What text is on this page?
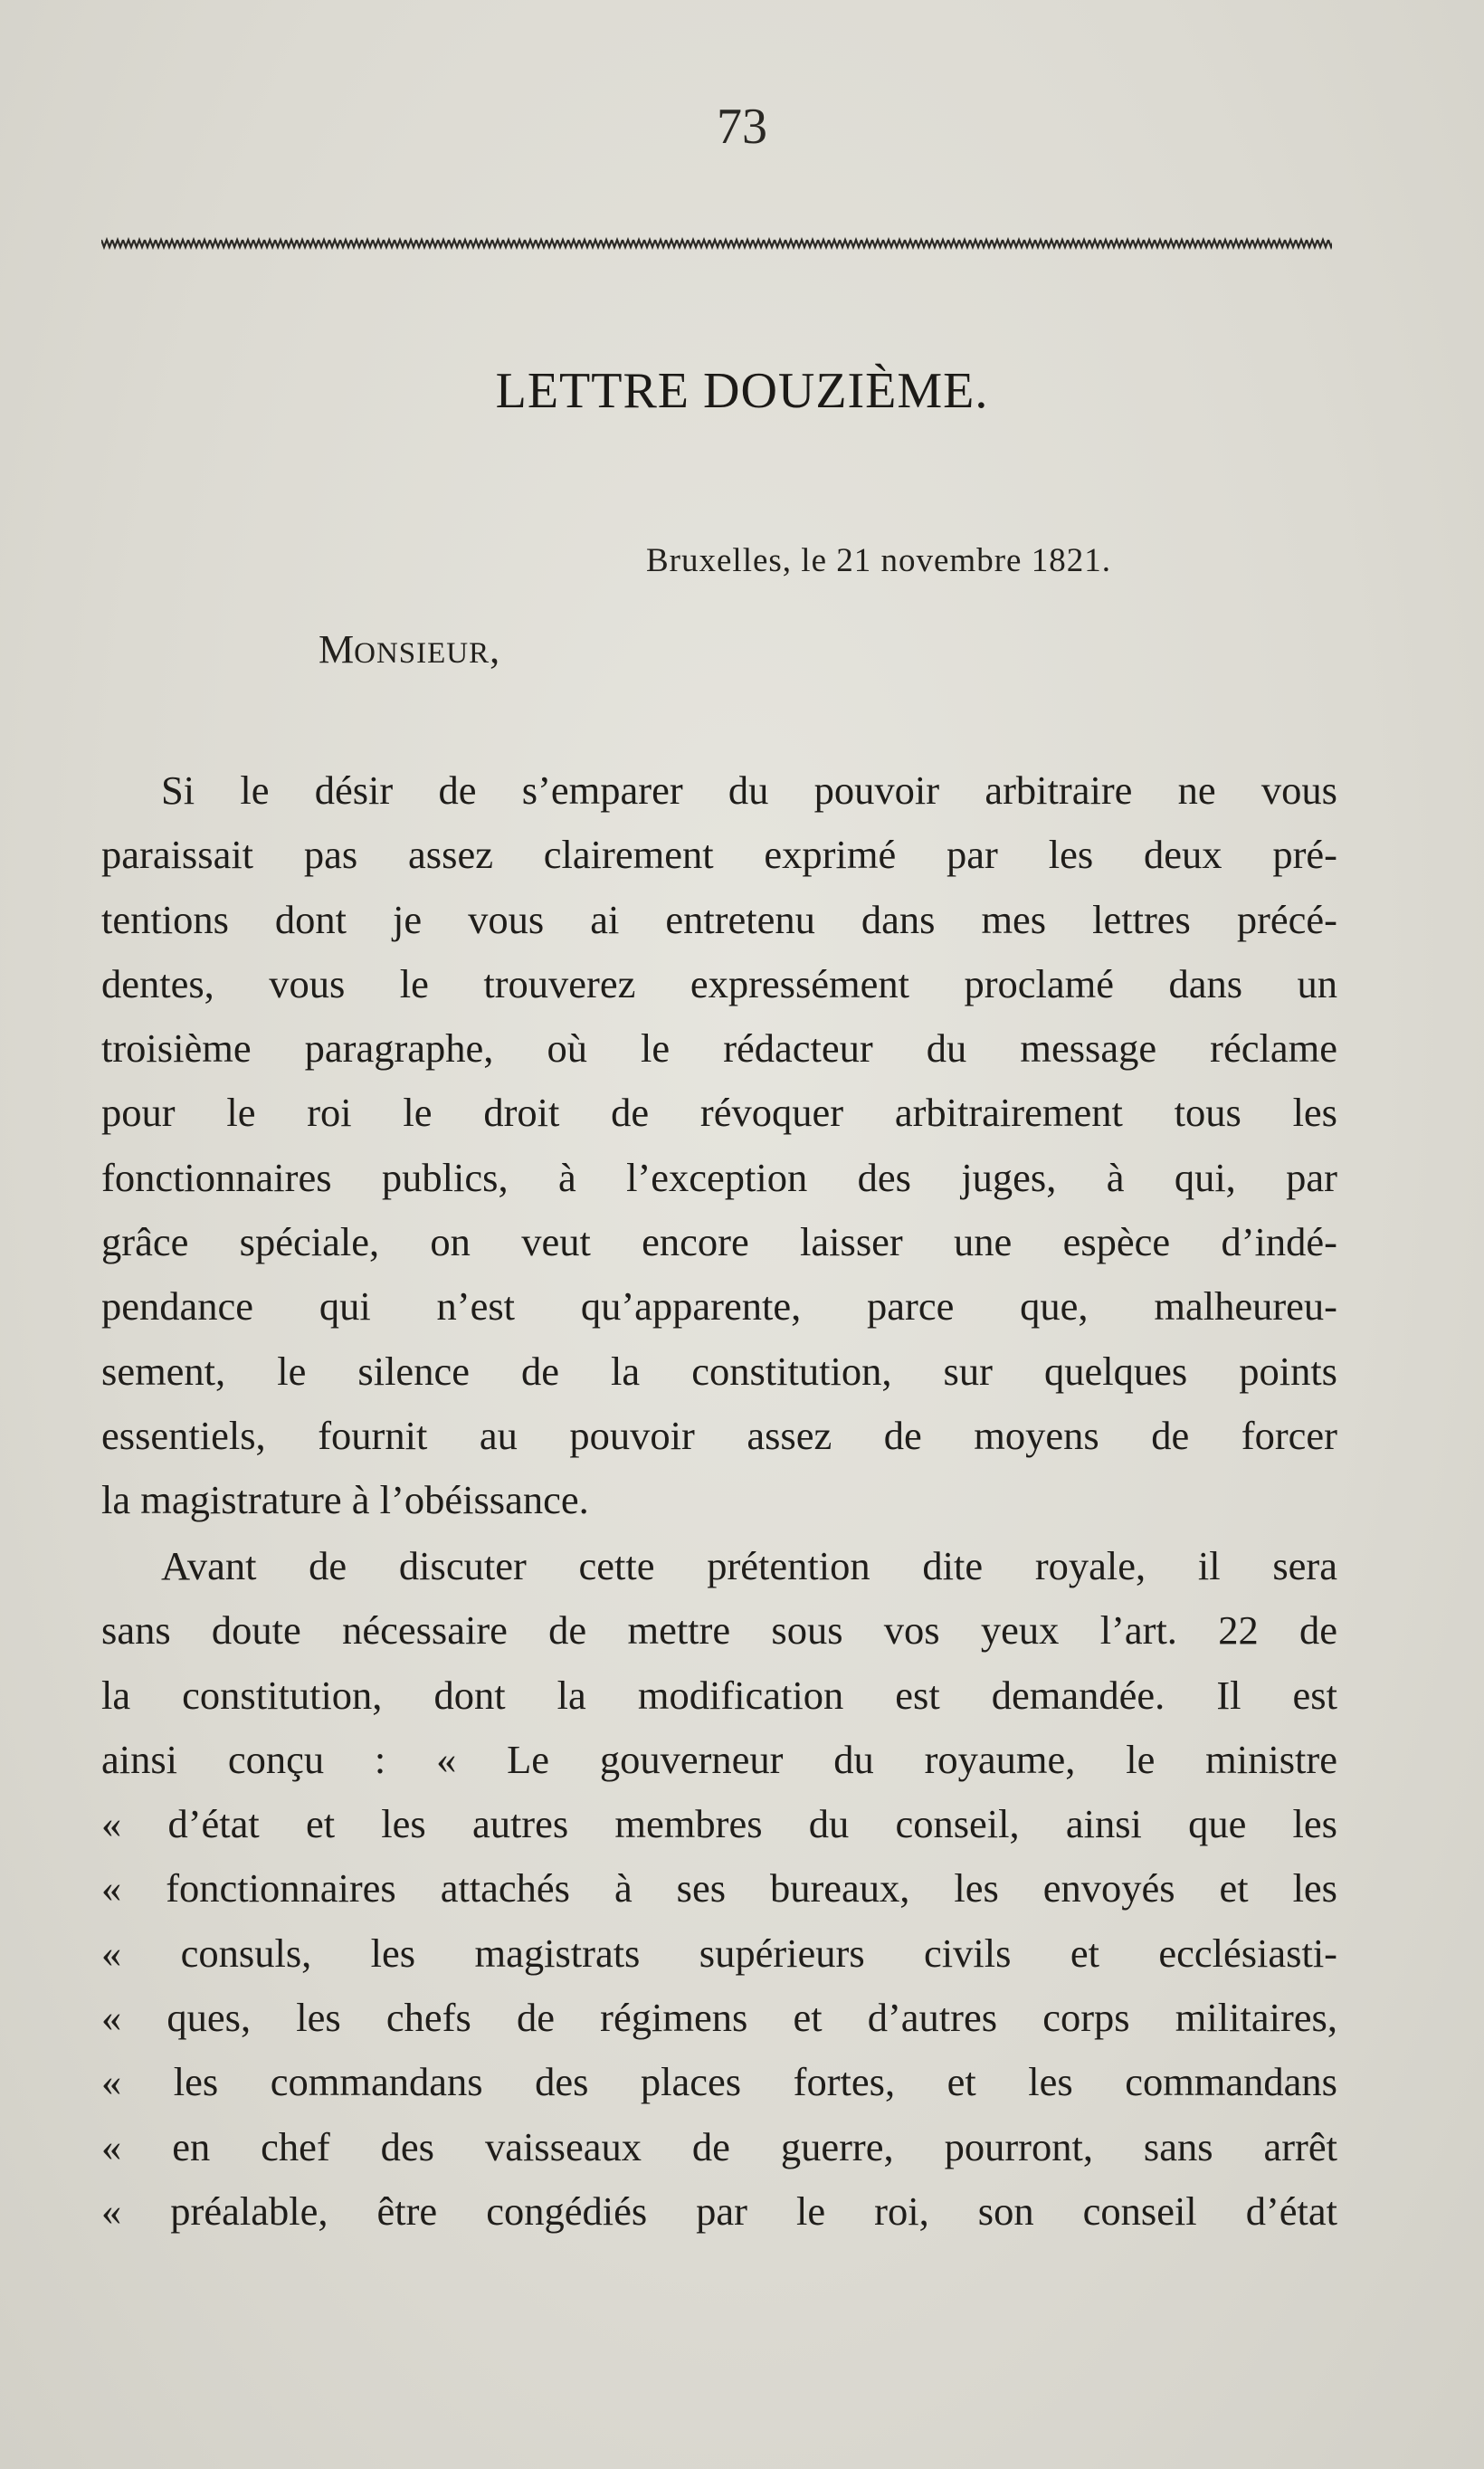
73
LETTRE DOUZIÈME.
Bruxelles, le 21 novembre 1821.
MONSIEUR,
Si le désir de s’emparer du pouvoir arbitraire ne vous
paraissait pas assez clairement exprimé par les deux pré-
tentions dont je vous ai entretenu dans mes lettres précé-
dentes, vous le trouverez expressément proclamé dans un
troisième paragraphe, où le rédacteur du message réclame
pour le roi le droit de révoquer arbitrairement tous les
fonctionnaires publics, à l’exception des juges, à qui, par
grâce spéciale, on veut encore laisser une espèce d’indé-
pendance qui n’est qu’apparente, parce que, malheureu-
sement, le silence de la constitution, sur quelques points
essentiels, fournit au pouvoir assez de moyens de forcer
la magistrature à l’obéissance.
Avant de discuter cette prétention dite royale, il sera
sans doute nécessaire de mettre sous vos yeux l’art. 22 de
la constitution, dont la modification est demandée. Il est
ainsi conçu : « Le gouverneur du royaume, le ministre
« d’état et les autres membres du conseil, ainsi que les
« fonctionnaires attachés à ses bureaux, les envoyés et les
« consuls, les magistrats supérieurs civils et ecclésiasti-
« ques, les chefs de régimens et d’autres corps militaires,
« les commandans des places fortes, et les commandans
« en chef des vaisseaux de guerre, pourront, sans arrêt
« préalable, être congédiés par le roi, son conseil d’état
